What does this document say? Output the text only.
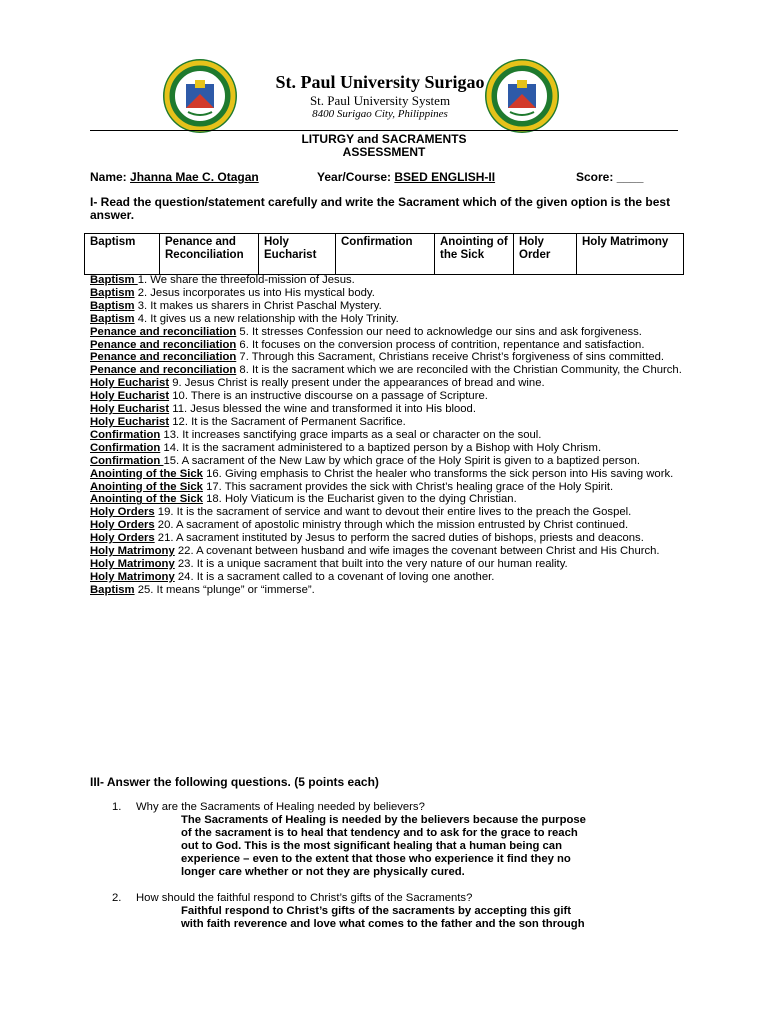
St. Paul University Surigao
St. Paul University System
8400 Surigao City, Philippines
LITURGY and SACRAMENTS
ASSESSMENT
Name: Jhanna Mae C. Otagan	Year/Course: BSED ENGLISH-II	Score: ____
I- Read the question/statement carefully and write the Sacrament which of the given option is the best answer.
Baptism	Penance and Reconciliation	Holy Eucharist	Confirmation	Anointing of the Sick	Holy Order	Holy Matrimony

Baptism 1. We share the threefold-mission of Jesus.

Baptism 2. Jesus incorporates us into His mystical body.

Baptism 3. It makes us sharers in Christ Paschal Mystery.

Baptism 4. It gives us a new relationship with the Holy Trinity.

Penance and reconciliation 5. It stresses Confession our need to acknowledge our sins and ask forgiveness.

Penance and reconciliation 6. It focuses on the conversion process of contrition, repentance and satisfaction.

Penance and reconciliation 7. Through this Sacrament, Christians receive Christ’s forgiveness of sins committed.

Penance and reconciliation 8. It is the sacrament which we are reconciled with the Christian Community, the Church.

Holy Eucharist 9. Jesus Christ is really present under the appearances of bread and wine.

Holy Eucharist 10. There is an instructive discourse on a passage of Scripture.

Holy Eucharist 11. Jesus blessed the wine and transformed it into His blood.

Holy Eucharist 12. It is the Sacrament of Permanent Sacrifice.

Confirmation 13. It increases sanctifying grace imparts as a seal or character on the soul.

Confirmation 14. It is the sacrament administered to a baptized person by a Bishop with Holy Chrism.

Confirmation 15. A sacrament of the New Law by which grace of the Holy Spirit is given to a baptized person.

Anointing of the Sick 16. Giving emphasis to Christ the healer who transforms the sick person into His saving work.

Anointing of the Sick 17. This sacrament provides the sick with Christ’s healing grace of the Holy Spirit.

Anointing of the Sick 18. Holy Viaticum is the Eucharist given to the dying Christian.

Holy Orders 19. It is the sacrament of service and want to devout their entire lives to the preach the Gospel.

Holy Orders 20. A sacrament of apostolic ministry through which the mission entrusted by Christ continued.

Holy Orders 21. A sacrament instituted by Jesus to perform the sacred duties of bishops, priests and deacons.

Holy Matrimony 22. A covenant between husband and wife images the covenant between Christ and His Church.

Holy Matrimony 23. It is a unique sacrament that built into the very nature of our human reality.

Holy Matrimony 24. It is a sacrament called to a covenant of loving one another.

Baptism 25. It means “plunge” or “immerse”.

III- Answer the following questions. (5 points each)
1. Why are the Sacraments of Healing needed by believers?
The Sacraments of Healing is needed by the believers because the purpose
of the sacrament is to heal that tendency and to ask for the grace to reach
out to God. This is the most significant healing that a human being can
experience – even to the extent that those who experience it find they no
longer care whether or not they are physically cured.
2. How should the faithful respond to Christ’s gifts of the Sacraments?
Faithful respond to Christ’s gifts of the sacraments by accepting this gift
with faith reverence and love what comes to the father and the son through
